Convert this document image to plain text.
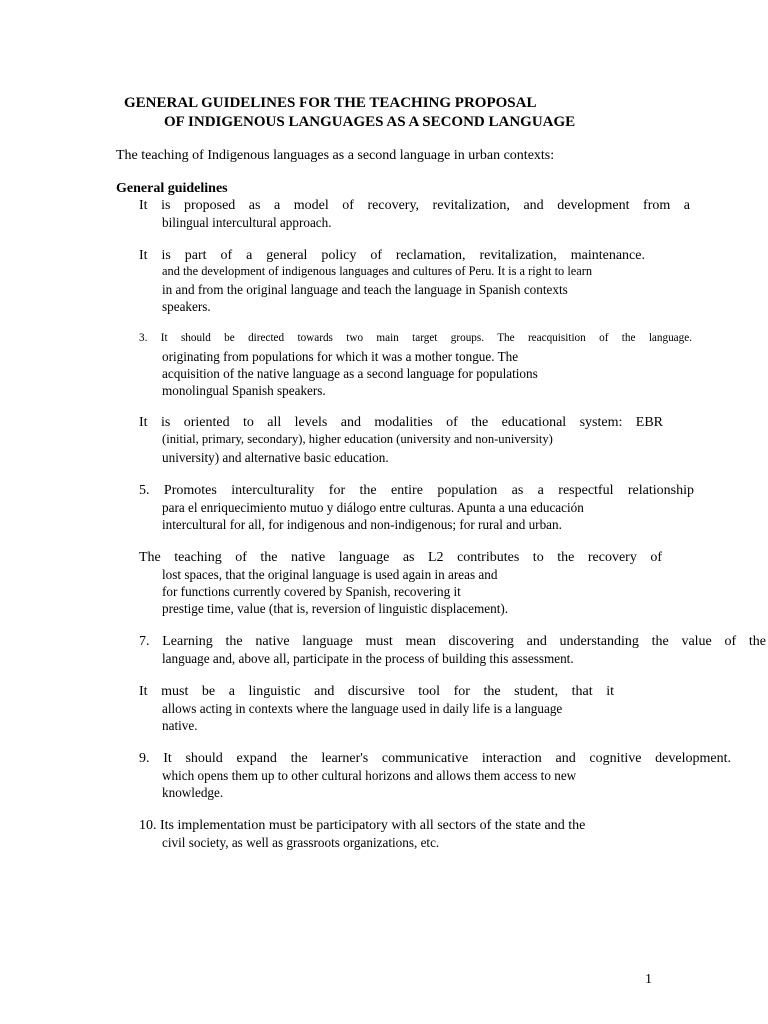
GENERAL GUIDELINES FOR THE TEACHING PROPOSAL
OF INDIGENOUS LANGUAGES AS A SECOND LANGUAGE
The teaching of Indigenous languages as a second language in urban contexts:
General guidelines
It is proposed as a model of recovery, revitalization, and development from a
bilingual intercultural approach.
It is part of a general policy of reclamation, revitalization, maintenance.
and the development of indigenous languages and cultures of Peru. It is a right to learn
in and from the original language and teach the language in Spanish contexts
speakers.
3. It should be directed towards two main target groups. The reacquisition of the language.
originating from populations for which it was a mother tongue. The
acquisition of the native language as a second language for populations
monolingual Spanish speakers.
It is oriented to all levels and modalities of the educational system: EBR
(initial, primary, secondary), higher education (university and non-university)
university) and alternative basic education.
5. Promotes interculturality for the entire population as a respectful relationship
para el enriquecimiento mutuo y diálogo entre culturas. Apunta a una educación
intercultural for all, for indigenous and non-indigenous; for rural and urban.
The teaching of the native language as L2 contributes to the recovery of
lost spaces, that the original language is used again in areas and
for functions currently covered by Spanish, recovering it
prestige time, value (that is, reversion of linguistic displacement).
7. Learning the native language must mean discovering and understanding the value of the
language and, above all, participate in the process of building this assessment.
It must be a linguistic and discursive tool for the student, that it
allows acting in contexts where the language used in daily life is a language
native.
9. It should expand the learner's communicative interaction and cognitive development.
which opens them up to other cultural horizons and allows them access to new
knowledge.
10. Its implementation must be participatory with all sectors of the state and the
civil society, as well as grassroots organizations, etc.
1
